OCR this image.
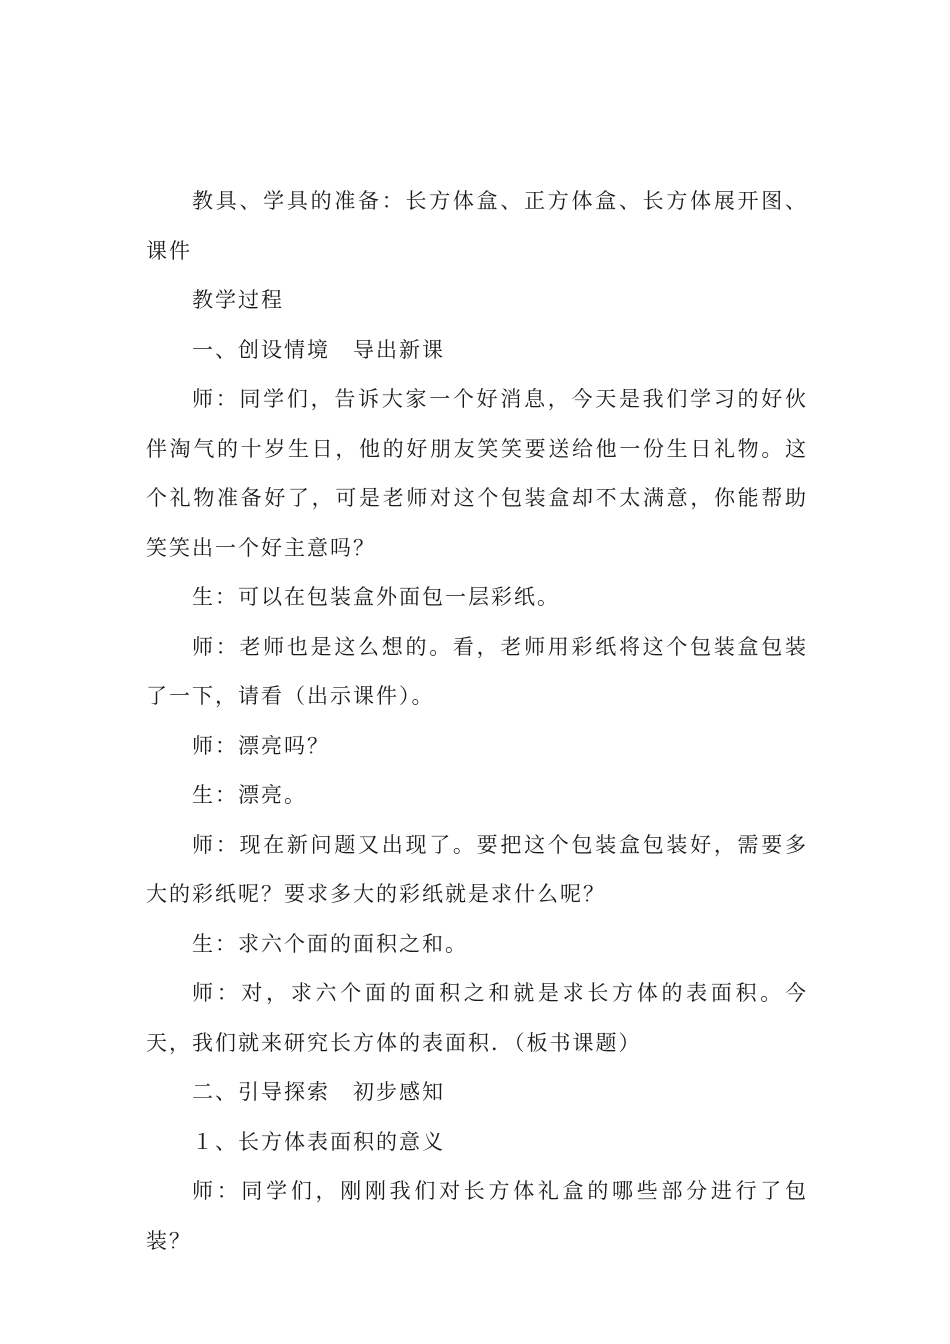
教具、学具的准备：长方体盒、正方体盒、长方体展开图、课件

教学过程

一、创设情境　导出新课

师：同学们，告诉大家一个好消息，今天是我们学习的好伙伴淘气的十岁生日，他的好朋友笑笑要送给他一份生日礼物。这个礼物准备好了，可是老师对这个包装盒却不太满意，你能帮助笑笑出一个好主意吗？

生：可以在包装盒外面包一层彩纸。

师：老师也是这么想的。看，老师用彩纸将这个包装盒包装了一下，请看（出示课件）。

师：漂亮吗？

生：漂亮。

师：现在新问题又出现了。要把这个包装盒包装好，需要多大的彩纸呢？要求多大的彩纸就是求什么呢？

生：求六个面的面积之和。

师：对，求六个面的面积之和就是求长方体的表面积。今天，我们就来研究长方体的表面积．（板书课题）

二、引导探索　初步感知

１、长方体表面积的意义

师：同学们，刚刚我们对长方体礼盒的哪些部分进行了包装？
